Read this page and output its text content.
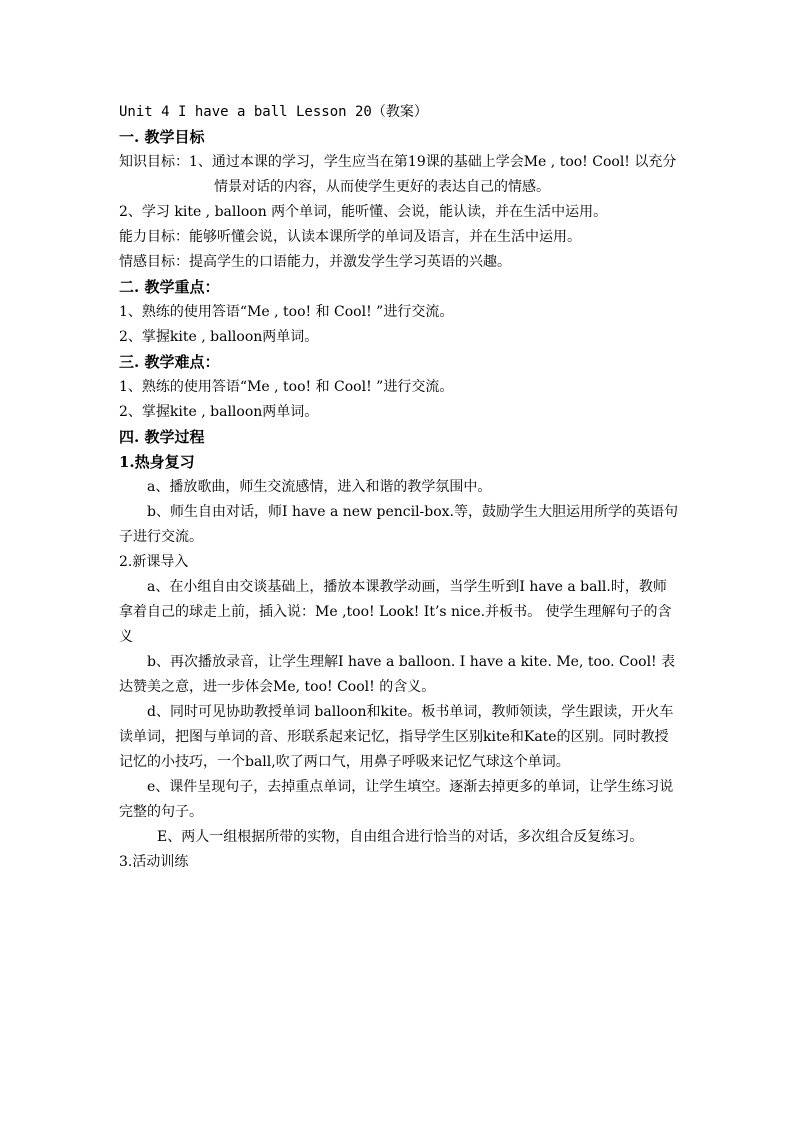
Unit 4 I have a ball Lesson 20（教案）

一. 教学目标

知识目标：1、通过本课的学习，学生应当在第19课的基础上学会Me , too! Cool! 以充分情景对话的内容，从而使学生更好的表达自己的情感。

2、学习 kite , balloon 两个单词，能听懂、会说，能认读，并在生活中运用。

能力目标：能够听懂会说，认读本课所学的单词及语言，并在生活中运用。

情感目标：提高学生的口语能力，并激发学生学习英语的兴趣。

二. 教学重点：

1、熟练的使用答语“Me , too! 和 Cool! ”进行交流。

2、掌握kite , balloon两单词。

三. 教学难点：

1、熟练的使用答语“Me , too! 和 Cool! ”进行交流。

2、掌握kite , balloon两单词。

四. 教学过程

1.热身复习

a、播放歌曲，师生交流感情，进入和谐的教学氛围中。

b、师生自由对话，师I have a new pencil-box.等，鼓励学生大胆运用所学的英语句子进行交流。

2.新课导入

a、在小组自由交谈基础上，播放本课教学动画，当学生听到I have a ball.时，教师拿着自己的球走上前，插入说：Me ,too! Look! It’s nice.并板书。 使学生理解句子的含义

b、再次播放录音，让学生理解I have a balloon. I have a kite. Me, too. Cool! 表达赞美之意，进一步体会Me, too! Cool! 的含义。

d、同时可见协助教授单词 balloon和kite。板书单词，教师领读，学生跟读，开火车读单词，把图与单词的音、形联系起来记忆，指导学生区别kite和Kate的区别。同时教授记忆的小技巧，一个ball,吹了两口气，用鼻子呼吸来记忆气球这个单词。

e、课件呈现句子，去掉重点单词，让学生填空。逐渐去掉更多的单词，让学生练习说完整的句子。

E、两人一组根据所带的实物，自由组合进行恰当的对话，多次组合反复练习。

3.活动训练
